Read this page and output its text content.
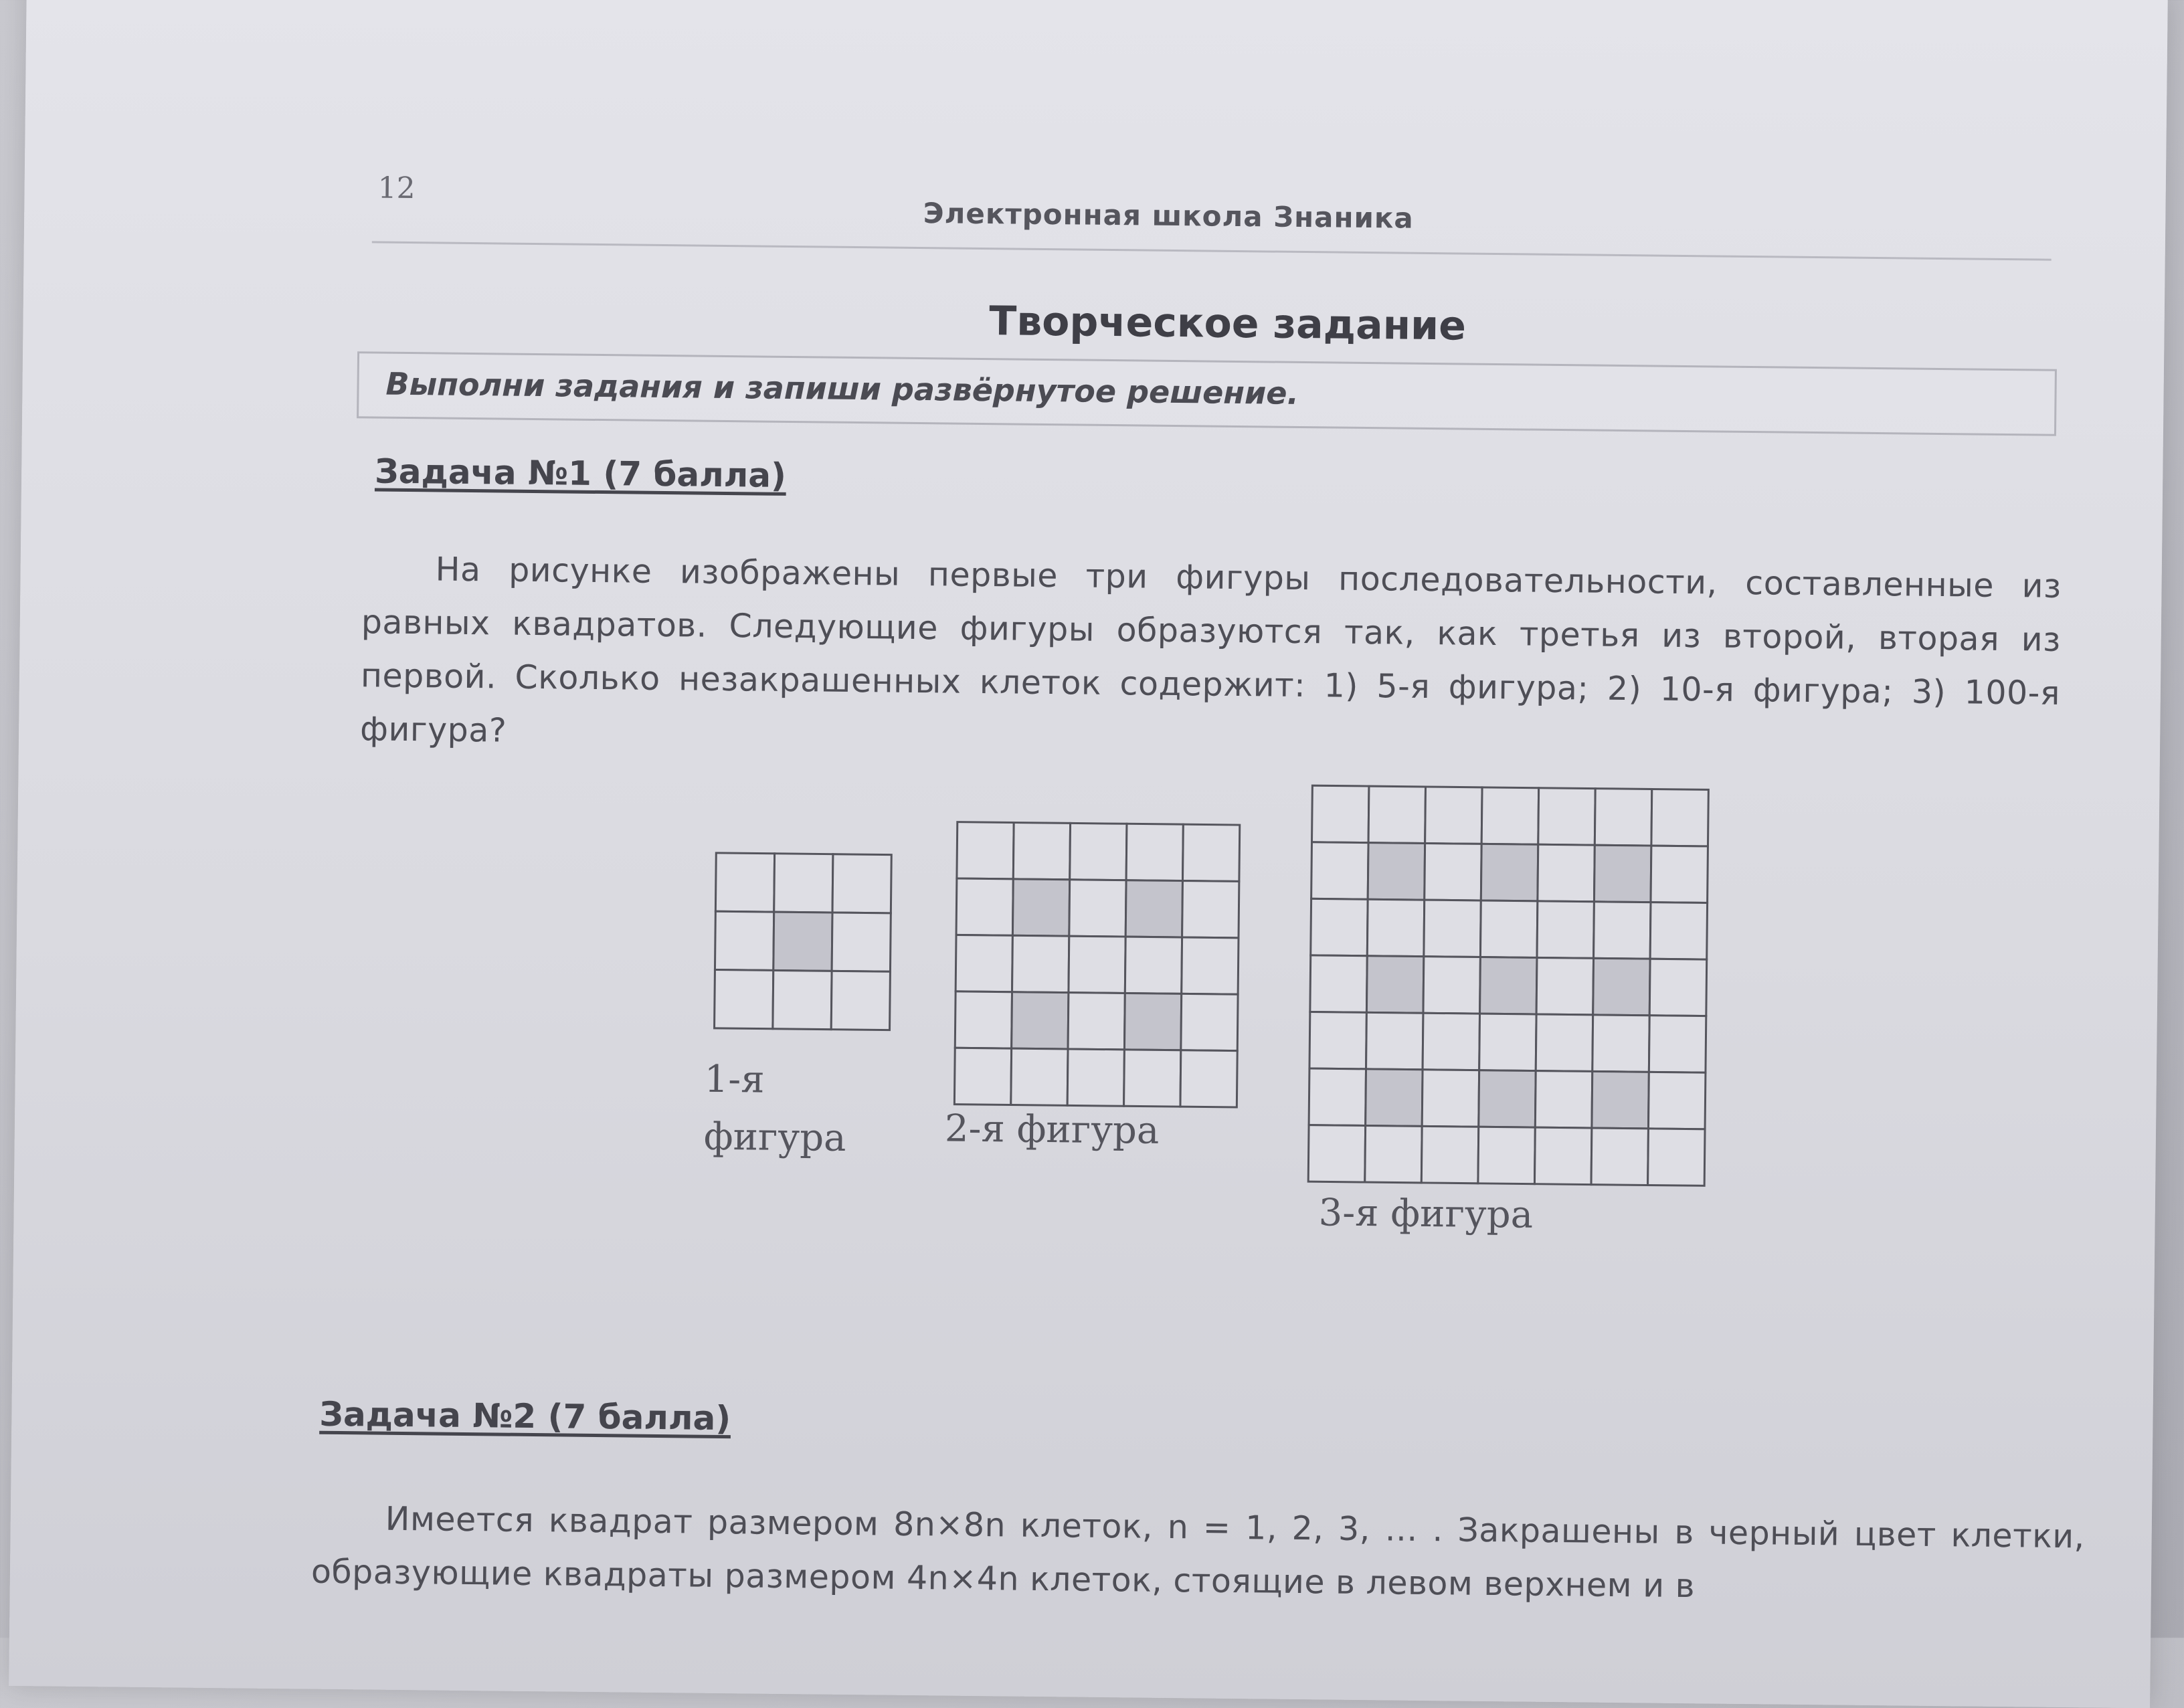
12
Электронная школа Знаника
Творческое задание
Выполни задания и запиши развёрнутое решение.
Задача №1 (7 балла)
На рисунке изображены первые три фигуры последовательности, составленные из равных квадратов. Следующие фигуры образуются так, как третья из второй, вторая из первой. Сколько незакрашенных клеток содержит: 1) 5-я фигура; 2) 10-я фигура; 3) 100-я фигура?
1-я фигура	2-я фигура
3-я фигура
Задача №2 (7 балла)
Имеется квадрат размером 8n×8n клеток, n = 1, 2, 3, … . Закрашены в черный цвет клетки, образующие квадраты размером 4n×4n клеток, стоящие в левом верхнем и в
